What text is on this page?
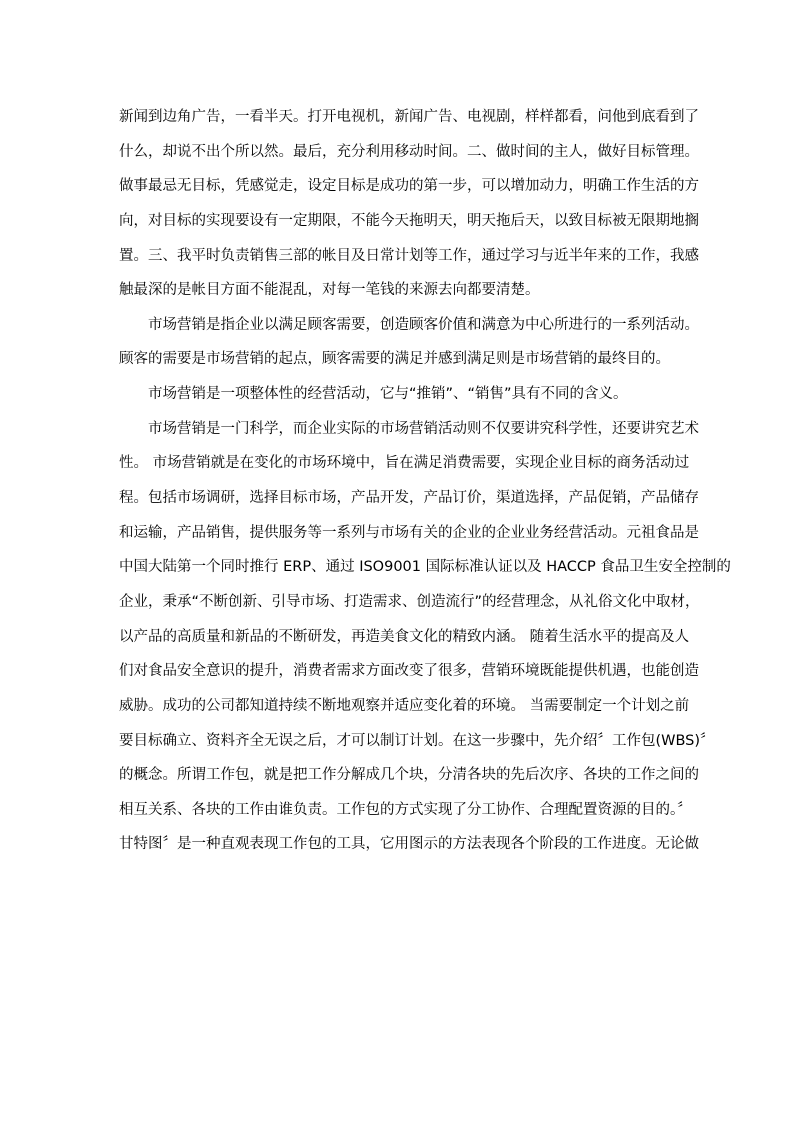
新闻到边角广告，一看半天。打开电视机，新闻广告、电视剧，样样都看，问他到底看到了
什么，却说不出个所以然。最后，充分利用移动时间。二、做时间的主人，做好目标管理。
做事最忌无目标，凭感觉走，设定目标是成功的第一步，可以增加动力，明确工作生活的方
向，对目标的实现要设有一定期限，不能今天拖明天，明天拖后天，以致目标被无限期地搁
置。三、我平时负责销售三部的帐目及日常计划等工作，通过学习与近半年来的工作，我感
触最深的是帐目方面不能混乱，对每一笔钱的来源去向都要清楚。
市场营销是指企业以满足顾客需要，创造顾客价值和满意为中心所进行的一系列活动。
顾客的需要是市场营销的起点，顾客需要的满足并感到满足则是市场营销的最终目的。
市场营销是一项整体性的经营活动，它与“推销”、“销售”具有不同的含义。
市场营销是一门科学，而企业实际的市场营销活动则不仅要讲究科学性，还要讲究艺术
性。 市场营销就是在变化的市场环境中，旨在满足消费需要，实现企业目标的商务活动过
程。包括市场调研，选择目标市场，产品开发，产品订价，渠道选择，产品促销，产品储存
和运输，产品销售，提供服务等一系列与市场有关的企业的企业业务经营活动。元祖食品是
中国大陆第一个同时推行 ERP、通过 ISO9001 国际标准认证以及 HACCP 食品卫生安全控制的
企业，秉承“不断创新、引导市场、打造需求、创造流行”的经营理念，从礼俗文化中取材，
以产品的高质量和新品的不断研发，再造美食文化的精致内涵。 随着生活水平的提高及人
们对食品安全意识的提升，消费者需求方面改变了很多，营销环境既能提供机遇，也能创造
威胁。成功的公司都知道持续不断地观察并适应变化着的环境。 当需要制定一个计划之前
要目标确立、资料齐全无误之后，才可以制订计划。在这一步骤中，先介绍〞工作包(WBS)〞
的概念。所谓工作包，就是把工作分解成几个块，分清各块的先后次序、各块的工作之间的
相互关系、各块的工作由谁负责。工作包的方式实现了分工协作、合理配置资源的目的。〞
甘特图〞是一种直观表现工作包的工具，它用图示的方法表现各个阶段的工作进度。无论做
